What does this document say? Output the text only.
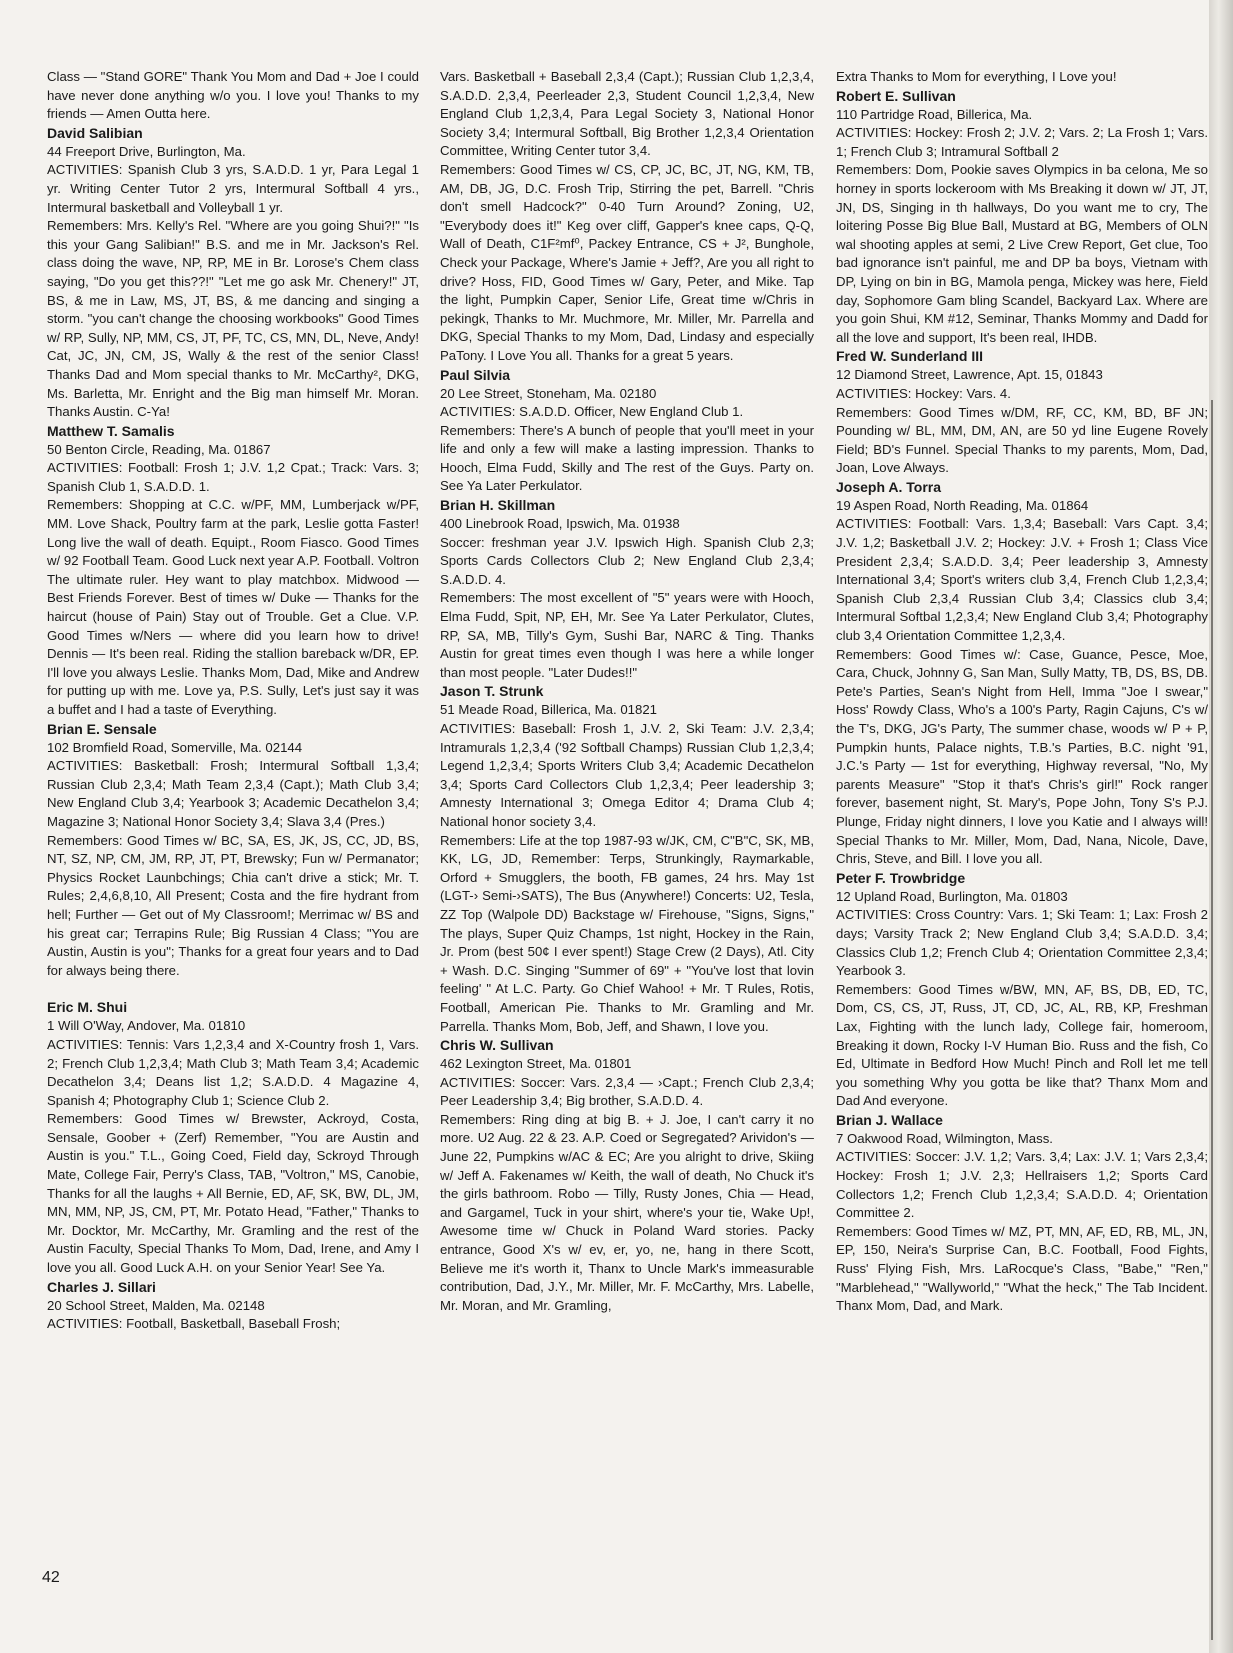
Class — "Stand GORE" Thank You Mom and Dad + Joe I could have never done anything w/o you. I love you! Thanks to my friends — Amen Outta here.
David Salibian
44 Freeport Drive, Burlington, Ma.
ACTIVITIES: Spanish Club 3 yrs, S.A.D.D. 1 yr, Para Legal 1 yr. Writing Center Tutor 2 yrs, Intermural Softball 4 yrs., Intermural basketball and Volleyball 1 yr.
Remembers: Mrs. Kelly's Rel. "Where are you going Shui?!" "Is this your Gang Salibian!" B.S. and me in Mr. Jackson's Rel. class doing the wave, NP, RP, ME in Br. Lorose's Chem class saying, "Do you get this??!" "Let me go ask Mr. Chenery!" JT, BS, & me in Law, MS, JT, BS, & me dancing and singing a storm. "you can't change the choosing workbooks" Good Times w/ RP, Sully, NP, MM, CS, JT, PF, TC, CS, MN, DL, Neve, Andy! Cat, JC, JN, CM, JS, Wally & the rest of the senior Class! Thanks Dad and Mom special thanks to Mr. McCarthy², DKG, Ms. Barletta, Mr. Enright and the Big man himself Mr. Moran. Thanks Austin. C-Ya!
Matthew T. Samalis
50 Benton Circle, Reading, Ma. 01867
ACTIVITIES: Football: Frosh 1; J.V. 1,2 Cpat.; Track: Vars. 3; Spanish Club 1, S.A.D.D. 1.
Remembers: Shopping at C.C. w/PF, MM, Lumberjack w/PF, MM. Love Shack, Poultry farm at the park, Leslie gotta Faster! Long live the wall of death. Equipt., Room Fiasco. Good Times w/ 92 Football Team. Good Luck next year A.P. Football. Voltron The ultimate ruler. Hey want to play matchbox. Midwood — Best Friends Forever. Best of times w/ Duke — Thanks for the haircut (house of Pain) Stay out of Trouble. Get a Clue. V.P. Good Times w/Ners — where did you learn how to drive! Dennis — It's been real. Riding the stallion bareback w/DR, EP. I'll love you always Leslie. Thanks Mom, Dad, Mike and Andrew for putting up with me. Love ya, P.S. Sully, Let's just say it was a buffet and I had a taste of Everything.
Brian E. Sensale
102 Bromfield Road, Somerville, Ma. 02144
ACTIVITIES: Basketball: Frosh; Intermural Softball 1,3,4; Russian Club 2,3,4; Math Team 2,3,4 (Capt.); Math Club 3,4; New England Club 3,4; Yearbook 3; Academic Decathelon 3,4; Magazine 3; National Honor Society 3,4; Slava 3,4 (Pres.)
Remembers: Good Times w/ BC, SA, ES, JK, JS, CC, JD, BS, NT, SZ, NP, CM, JM, RP, JT, PT, Brewsky; Fun w/ Permanator; Physics Rocket Launbchings; Chia can't drive a stick; Mr. T. Rules; 2,4,6,8,10, All Present; Costa and the fire hydrant from hell; Further — Get out of My Classroom!; Merrimac w/ BS and his great car; Terrapins Rule; Big Russian 4 Class; "You are Austin, Austin is you"; Thanks for a great four years and to Dad for always being there.
Eric M. Shui
1 Will O'Way, Andover, Ma. 01810
ACTIVITIES: Tennis: Vars 1,2,3,4 and X-Country frosh 1, Vars. 2; French Club 1,2,3,4; Math Club 3; Math Team 3,4; Academic Decathelon 3,4; Deans list 1,2; S.A.D.D. 4 Magazine 4, Spanish 4; Photography Club 1; Science Club 2.
Remembers: Good Times w/ Brewster, Ackroyd, Costa, Sensale, Goober + (Zerf) Remember, "You are Austin and Austin is you." T.L., Going Coed, Field day, Sckroyd Through Mate, College Fair, Perry's Class, TAB, "Voltron," MS, Canobie, Thanks for all the laughs + All Bernie, ED, AF, SK, BW, DL, JM, MN, MM, NP, JS, CM, PT, Mr. Potato Head, "Father," Thanks to Mr. Docktor, Mr. McCarthy, Mr. Gramling and the rest of the Austin Faculty, Special Thanks To Mom, Dad, Irene, and Amy I love you all. Good Luck A.H. on your Senior Year! See Ya.
Charles J. Sillari
20 School Street, Malden, Ma. 02148
ACTIVITIES: Football, Basketball, Baseball Frosh;
Vars. Basketball + Baseball 2,3,4 (Capt.); Russian Club 1,2,3,4, S.A.D.D. 2,3,4, Peerleader 2,3, Student Council 1,2,3,4, New England Club 1,2,3,4, Para Legal Society 3, National Honor Society 3,4; Intermural Softball, Big Brother 1,2,3,4 Orientation Committee, Writing Center tutor 3,4.
Remembers: Good Times w/ CS, CP, JC, BC, JT, NG, KM, TB, AM, DB, JG, D.C. Frosh Trip, Stirring the pet, Barrell. "Chris don't smell Hadcock?" 0-40 Turn Around? Zoning, U2, "Everybody does it!" Keg over cliff, Gapper's knee caps, Q-Q, Wall of Death, C1F²mf⁰, Packey Entrance, CS + J², Bunghole, Check your Package, Where's Jamie + Jeff?, Are you all right to drive? Hoss, FID, Good Times w/ Gary, Peter, and Mike. Tap the light, Pumpkin Caper, Senior Life, Great time w/Chris in pekingk, Thanks to Mr. Muchmore, Mr. Miller, Mr. Parrella and DKG, Special Thanks to my Mom, Dad, Lindasy and especially PaTony. I Love You all. Thanks for a great 5 years.
Paul Silvia
20 Lee Street, Stoneham, Ma. 02180
ACTIVITIES: S.A.D.D. Officer, New England Club 1.
Remembers: There's A bunch of people that you'll meet in your life and only a few will make a lasting impression. Thanks to Hooch, Elma Fudd, Skilly and The rest of the Guys. Party on. See Ya Later Perkulator.
Brian H. Skillman
400 Linebrook Road, Ipswich, Ma. 01938
Soccer: freshman year J.V. Ipswich High. Spanish Club 2,3; Sports Cards Collectors Club 2; New England Club 2,3,4; S.A.D.D. 4.
Remembers: The most excellent of "5" years were with Hooch, Elma Fudd, Spit, NP, EH, Mr. See Ya Later Perkulator, Clutes, RP, SA, MB, Tilly's Gym, Sushi Bar, NARC & Ting. Thanks Austin for great times even though I was here a while longer than most people. "Later Dudes!!"
Jason T. Strunk
51 Meade Road, Billerica, Ma. 01821
ACTIVITIES: Baseball: Frosh 1, J.V. 2, Ski Team: J.V. 2,3,4; Intramurals 1,2,3,4 ('92 Softball Champs) Russian Club 1,2,3,4; Legend 1,2,3,4; Sports Writers Club 3,4; Academic Decathelon 3,4; Sports Card Collectors Club 1,2,3,4; Peer leadership 3; Amnesty International 3; Omega Editor 4; Drama Club 4; National honor society 3,4.
Remembers: Life at the top 1987-93 w/JK, CM, C"B"C, SK, MB, KK, LG, JD, Remember: Terps, Strunkingly, Raymarkable, Orford + Smugglers, the booth, FB games, 24 hrs. May 1st (LGT-› Semi-›SATS), The Bus (Anywhere!) Concerts: U2, Tesla, ZZ Top (Walpole DD) Backstage w/ Firehouse, "Signs, Signs," The plays, Super Quiz Champs, 1st night, Hockey in the Rain, Jr. Prom (best 50¢ I ever spent!) Stage Crew (2 Days), Atl. City + Wash. D.C. Singing "Summer of 69" + "You've lost that lovin feeling' " At L.C. Party. Go Chief Wahoo! + Mr. T Rules, Rotis, Football, American Pie. Thanks to Mr. Gramling and Mr. Parrella. Thanks Mom, Bob, Jeff, and Shawn, I love you.
Chris W. Sullivan
462 Lexington Street, Ma. 01801
ACTIVITIES: Soccer: Vars. 2,3,4 — ›Capt.; French Club 2,3,4; Peer Leadership 3,4; Big brother, S.A.D.D. 4.
Remembers: Ring ding at big B. + J. Joe, I can't carry it no more. U2 Aug. 22 & 23. A.P. Coed or Segregated? Arividon's — June 22, Pumpkins w/AC & EC; Are you alright to drive, Skiing w/ Jeff A. Fakenames w/ Keith, the wall of death, No Chuck it's the girls bathroom. Robo — Tilly, Rusty Jones, Chia — Head, and Gargamel, Tuck in your shirt, where's your tie, Wake Up!, Awesome time w/ Chuck in Poland Ward stories. Packy entrance, Good X's w/ ev, er, yo, ne, hang in there Scott, Believe me it's worth it, Thanx to Uncle Mark's immeasurable contribution, Dad, J.Y., Mr. Miller, Mr. F. McCarthy, Mrs. Labelle, Mr. Moran, and Mr. Gramling,
Extra Thanks to Mom for everything, I Love you!
Robert E. Sullivan
110 Partridge Road, Billerica, Ma.
ACTIVITIES: Hockey: Frosh 2; J.V. 2; Vars. 2; La Frosh 1; Vars. 1; French Club 3; Intramural Softball 2
Remembers: Dom, Pookie saves Olympics in ba celona, Me so horney in sports lockeroom with Ms Breaking it down w/ JT, JT, JN, DS, Singing in th hallways, Do you want me to cry, The loitering Posse Big Blue Ball, Mustard at BG, Members of OLN wal shooting apples at semi, 2 Live Crew Report, Get clue, Too bad ignorance isn't painful, me and DP ba boys, Vietnam with DP, Lying on bin in BG, Mamola penga, Mickey was here, Field day, Sophomore Gam bling Scandel, Backyard Lax. Where are you goin Shui, KM #12, Seminar, Thanks Mommy and Dadd for all the love and support, It's been real, IHDB.
Fred W. Sunderland III
12 Diamond Street, Lawrence, Apt. 15, 01843
ACTIVITIES: Hockey: Vars. 4.
Remembers: Good Times w/DM, RF, CC, KM, BD, BF JN; Pounding w/ BL, MM, DM, AN, are 50 yd line Eugene Rovely Field; BD's Funnel. Special Thanks to my parents, Mom, Dad, Joan, Love Always.
Joseph A. Torra
19 Aspen Road, North Reading, Ma. 01864
ACTIVITIES: Football: Vars. 1,3,4; Baseball: Vars Capt. 3,4; J.V. 1,2; Basketball J.V. 2; Hockey: J.V. + Frosh 1; Class Vice President 2,3,4; S.A.D.D. 3,4; Peer leadership 3, Amnesty International 3,4; Sport's writers club 3,4, French Club 1,2,3,4; Spanish Club 2,3,4 Russian Club 3,4; Classics club 3,4; Intermural Softbal 1,2,3,4; New England Club 3,4; Photography club 3,4 Orientation Committee 1,2,3,4.
Remembers: Good Times w/: Case, Guance, Pesce, Moe, Cara, Chuck, Johnny G, San Man, Sully Matty, TB, DS, BS, DB. Pete's Parties, Sean's Night from Hell, Imma "Joe I swear," Hoss' Rowdy Class, Who's a 100's Party, Ragin Cajuns, C's w/ the T's, DKG, JG's Party, The summer chase, woods w/ P + P, Pumpkin hunts, Palace nights, T.B.'s Parties, B.C. night '91, J.C.'s Party — 1st for everything, Highway reversal, "No, My parents Measure" "Stop it that's Chris's girl!" Rock ranger forever, basement night, St. Mary's, Pope John, Tony S's P.J. Plunge, Friday night dinners, I love you Katie and I always will! Special Thanks to Mr. Miller, Mom, Dad, Nana, Nicole, Dave, Chris, Steve, and Bill. I love you all.
Peter F. Trowbridge
12 Upland Road, Burlington, Ma. 01803
ACTIVITIES: Cross Country: Vars. 1; Ski Team: 1; Lax: Frosh 2 days; Varsity Track 2; New England Club 3,4; S.A.D.D. 3,4; Classics Club 1,2; French Club 4; Orientation Committee 2,3,4; Yearbook 3.
Remembers: Good Times w/BW, MN, AF, BS, DB, ED, TC, Dom, CS, CS, JT, Russ, JT, CD, JC, AL, RB, KP, Freshman Lax, Fighting with the lunch lady, College fair, homeroom, Breaking it down, Rocky I-V Human Bio. Russ and the fish, Co Ed, Ultimate in Bedford How Much! Pinch and Roll let me tell you something Why you gotta be like that? Thanx Mom and Dad And everyone.
Brian J. Wallace
7 Oakwood Road, Wilmington, Mass.
ACTIVITIES: Soccer: J.V. 1,2; Vars. 3,4; Lax: J.V. 1; Vars 2,3,4; Hockey: Frosh 1; J.V. 2,3; Hellraisers 1,2; Sports Card Collectors 1,2; French Club 1,2,3,4; S.A.D.D. 4; Orientation Committee 2.
Remembers: Good Times w/ MZ, PT, MN, AF, ED, RB, ML, JN, EP, 150, Neira's Surprise Can, B.C. Football, Food Fights, Russ' Flying Fish, Mrs. LaRocque's Class, "Babe," "Ren," "Marblehead," "Wallyworld," "What the heck," The Tab Incident. Thanx Mom, Dad, and Mark.
42
